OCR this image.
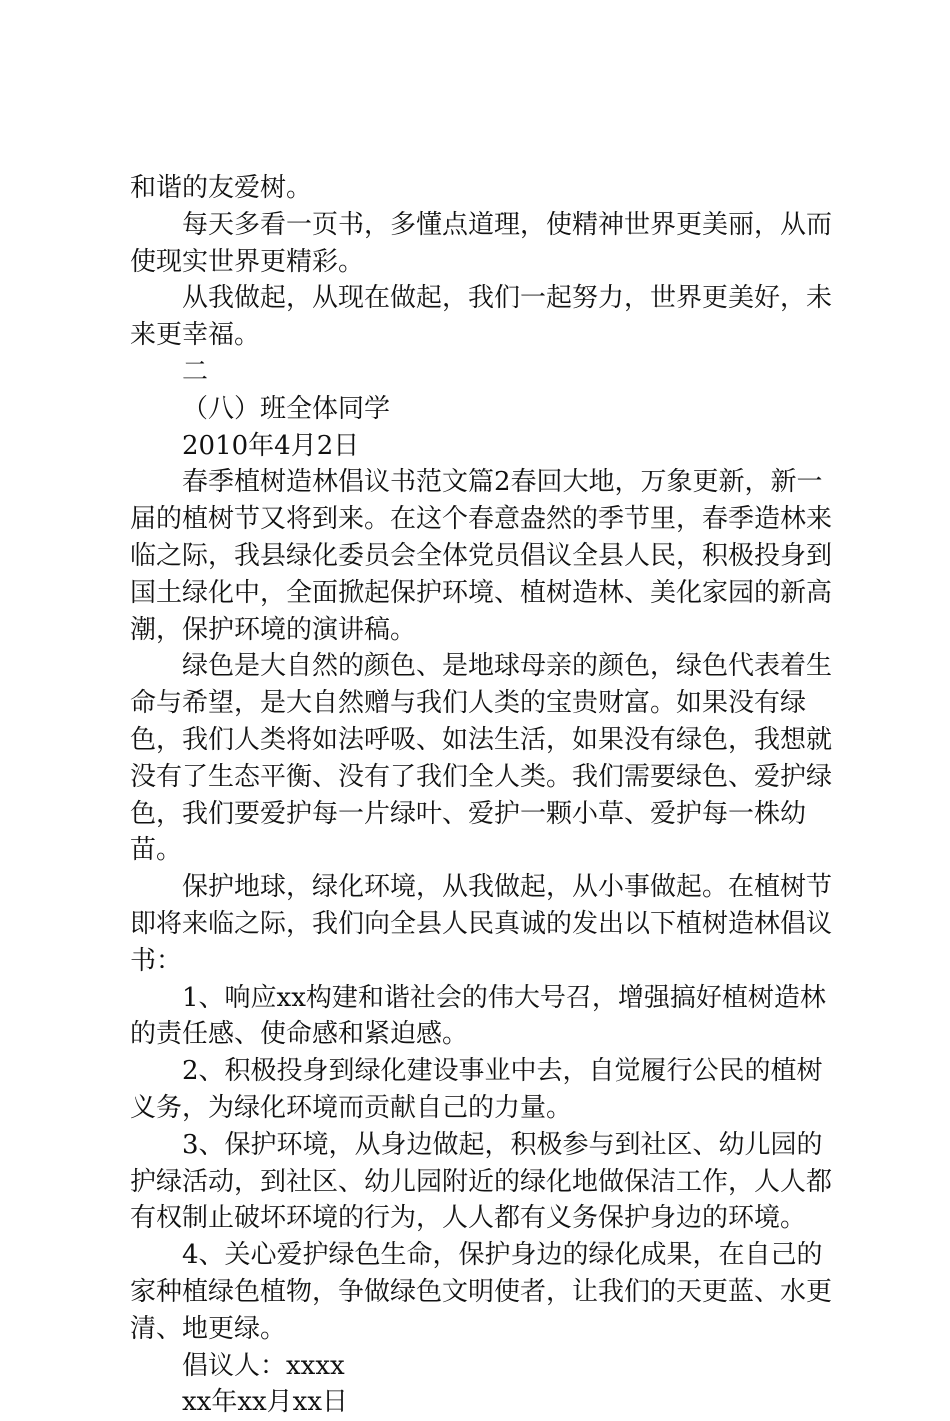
和谐的友爱树。

每天多看一页书，多懂点道理，使精神世界更美丽，从而使现实世界更精彩。

从我做起，从现在做起，我们一起努力，世界更美好，未来更幸福。

二

（八）班全体同学

2010年4月2日

春季植树造林倡议书范文篇2春回大地，万象更新，新一届的植树节又将到来。在这个春意盎然的季节里，春季造林来临之际，我县绿化委员会全体党员倡议全县人民，积极投身到国土绿化中，全面掀起保护环境、植树造林、美化家园的新高潮，保护环境的演讲稿。

绿色是大自然的颜色、是地球母亲的颜色，绿色代表着生命与希望，是大自然赠与我们人类的宝贵财富。如果没有绿色，我们人类将如法呼吸、如法生活，如果没有绿色，我想就没有了生态平衡、没有了我们全人类。我们需要绿色、爱护绿色，我们要爱护每一片绿叶、爱护一颗小草、爱护每一株幼苗。

保护地球，绿化环境，从我做起，从小事做起。在植树节即将来临之际，我们向全县人民真诚的发出以下植树造林倡议书：

1、响应xx构建和谐社会的伟大号召，增强搞好植树造林的责任感、使命感和紧迫感。

2、积极投身到绿化建设事业中去，自觉履行公民的植树义务，为绿化环境而贡献自己的力量。

3、保护环境，从身边做起，积极参与到社区、幼儿园的护绿活动，到社区、幼儿园附近的绿化地做保洁工作，人人都有权制止破坏环境的行为，人人都有义务保护身边的环境。

4、关心爱护绿色生命，保护身边的绿化成果，在自己的家种植绿色植物，争做绿色文明使者，让我们的天更蓝、水更清、地更绿。

倡议人：xxxx

xx年xx月xx日
